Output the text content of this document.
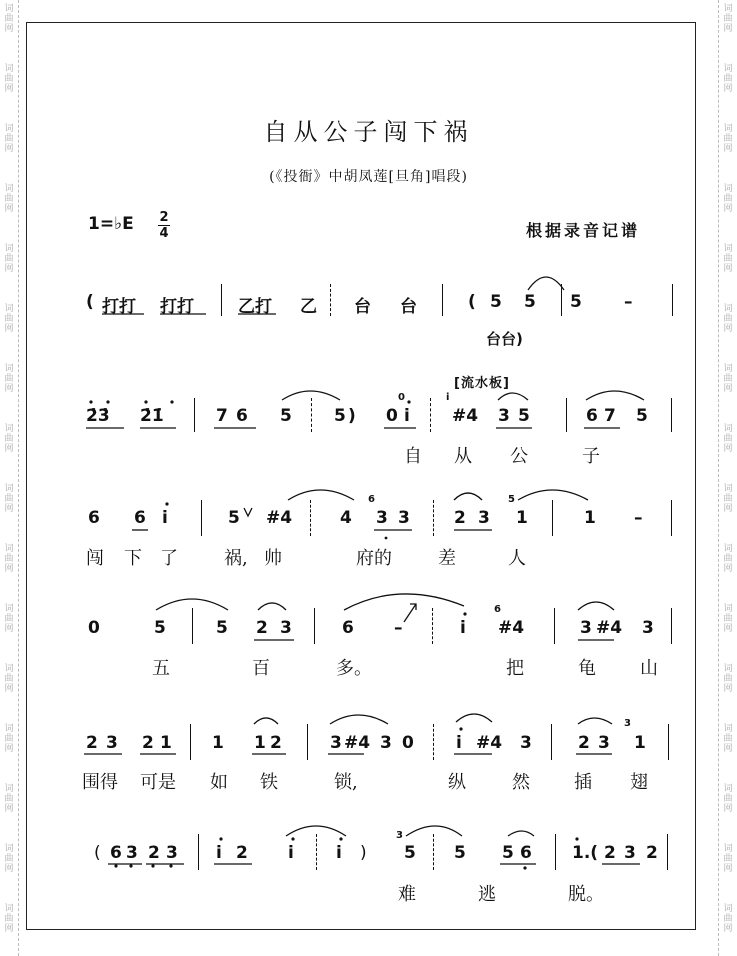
词
曲
网
词
曲
网
词
曲
网
词
曲
网
词
曲
网
词
曲
网
词
曲
网
词
曲
网
词
曲
网
词
曲
网
词
曲
网
词
曲
网
词
曲
网
词
曲
网
词
曲
网
词
曲
网
词
曲
网
词
曲
网
词
曲
网
词
曲
网
词
曲
网
词
曲
网
词
曲
网
词
曲
网
词
曲
网
词
曲
网
词
曲
网
词
曲
网
词
曲
网
词
曲
网
词
曲
网
词
曲
网
自从公子闯下祸
(《投衙》中胡凤莲[旦角]唱段)
1=♭E 2
4	根据录音记谱
[流水板]
( 打打 打打	乙打 乙 台 台	( 5 5 5 –
台台)
2̇3̇ 2̇1̇	7 6 5 5 ) 0 i #4 3 5	6 7 5
自 从 公	子
6 6 i	5 #4	4 3 3	2 3 1	1 –
闯 下 了	祸, 帅	府的	差	人
0	5	5 2 3	6 –	i #4	3 #4 3
五	百	多。	把	龟 山
2 3 2 1 1 1 2	3 #4 3 0 i #4 3	2 3 1
围得 可是 如 铁	锁,	纵	然 插 翅
( 6 3 2 3 i 2 i i ) 5 5 5 6 1.( 2 3 2
难	逃	脱。
0	i
6	5
6
3
3
